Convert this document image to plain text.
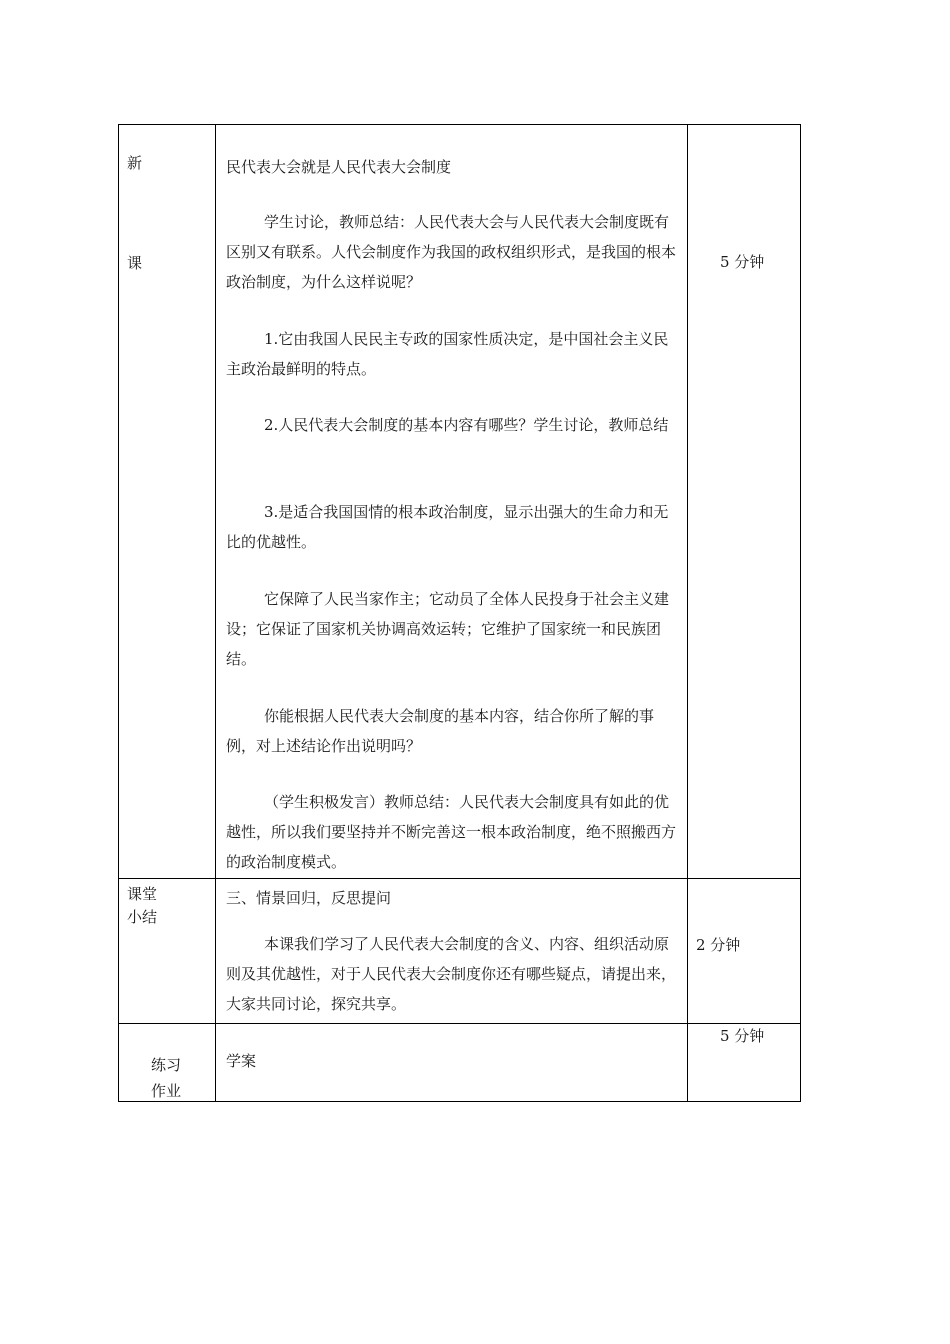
新
课
民代表大会就是人民代表大会制度
学生讨论，教师总结：人民代表大会与人民代表大会制度既有区别又有联系。人代会制度作为我国的政权组织形式，是我国的根本政治制度，为什么这样说呢？
1.它由我国人民民主专政的国家性质决定，是中国社会主义民主政治最鲜明的特点。
2.人民代表大会制度的基本内容有哪些？学生讨论，教师总结
3.是适合我国国情的根本政治制度，显示出强大的生命力和无比的优越性。
它保障了人民当家作主；它动员了全体人民投身于社会主义建设；它保证了国家机关协调高效运转；它维护了国家统一和民族团结。
你能根据人民代表大会制度的基本内容，结合你所了解的事例，对上述结论作出说明吗？
（学生积极发言）教师总结：人民代表大会制度具有如此的优越性，所以我们要坚持并不断完善这一根本政治制度，绝不照搬西方的政治制度模式。
5 分钟
课堂
小结
三、情景回归，反思提问
本课我们学习了人民代表大会制度的含义、内容、组织活动原则及其优越性，对于人民代表大会制度你还有哪些疑点，请提出来，大家共同讨论，探究共享。
2 分钟
练习
作业
学案
5 分钟
